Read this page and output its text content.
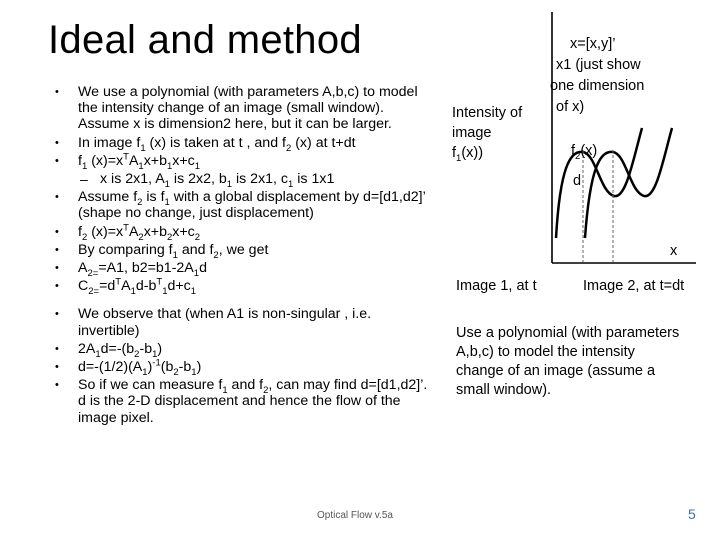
Ideal and method
• We use a polynomial (with parameters A,b,c) to model the intensity change of an image (small window). Assume x is dimension2 here, but it can be larger.
• In image $f_1$ (x) is taken at t , and $f_2$ (x) at t+dt
• $f_1$ $(x)=x^TA_1x+b_1x+c_1$
– x is 2x1, $A_1$ is 2x2, $b_1$ is 2x1, $c_1$ is 1x1
• Assume $f_2$ is $f_1$ with a global displacement by d=[d1,d2]’ (shape no change, just displacement)
• $f_2$ $(x)=x^TA_2x+b_2x+c_2$
• By comparing $f_1$ and $f_2$, we get
• $A_{2=}=A1$, $b2=b1-2A_1d$
• $C_{2=}=d^TA_1d-b^T_1d+c_1$
• We observe that (when A1 is non-singular , i.e. invertible)
• $2A_1d=-(b_2-b_1)$
• $d=-(1/2)(A_1)^{-1}(b_2-b_1)$
• So if we can measure $f_1$ and $f_2$, can may find d=[d1,d2]’. d is the 2-D displacement and hence the flow of the image pixel.
Optical Flow v.5a	5
Intensity of
image
$f_1(x)$)
x=[x,y]’
x1 (just show
one dimension
of x)
$f_2(x)$
d
x
Image 1, at t	Image 2, at t=dt
Use a polynomial (with parameters A,b,c) to model the intensity change of an image (assume a small window).
